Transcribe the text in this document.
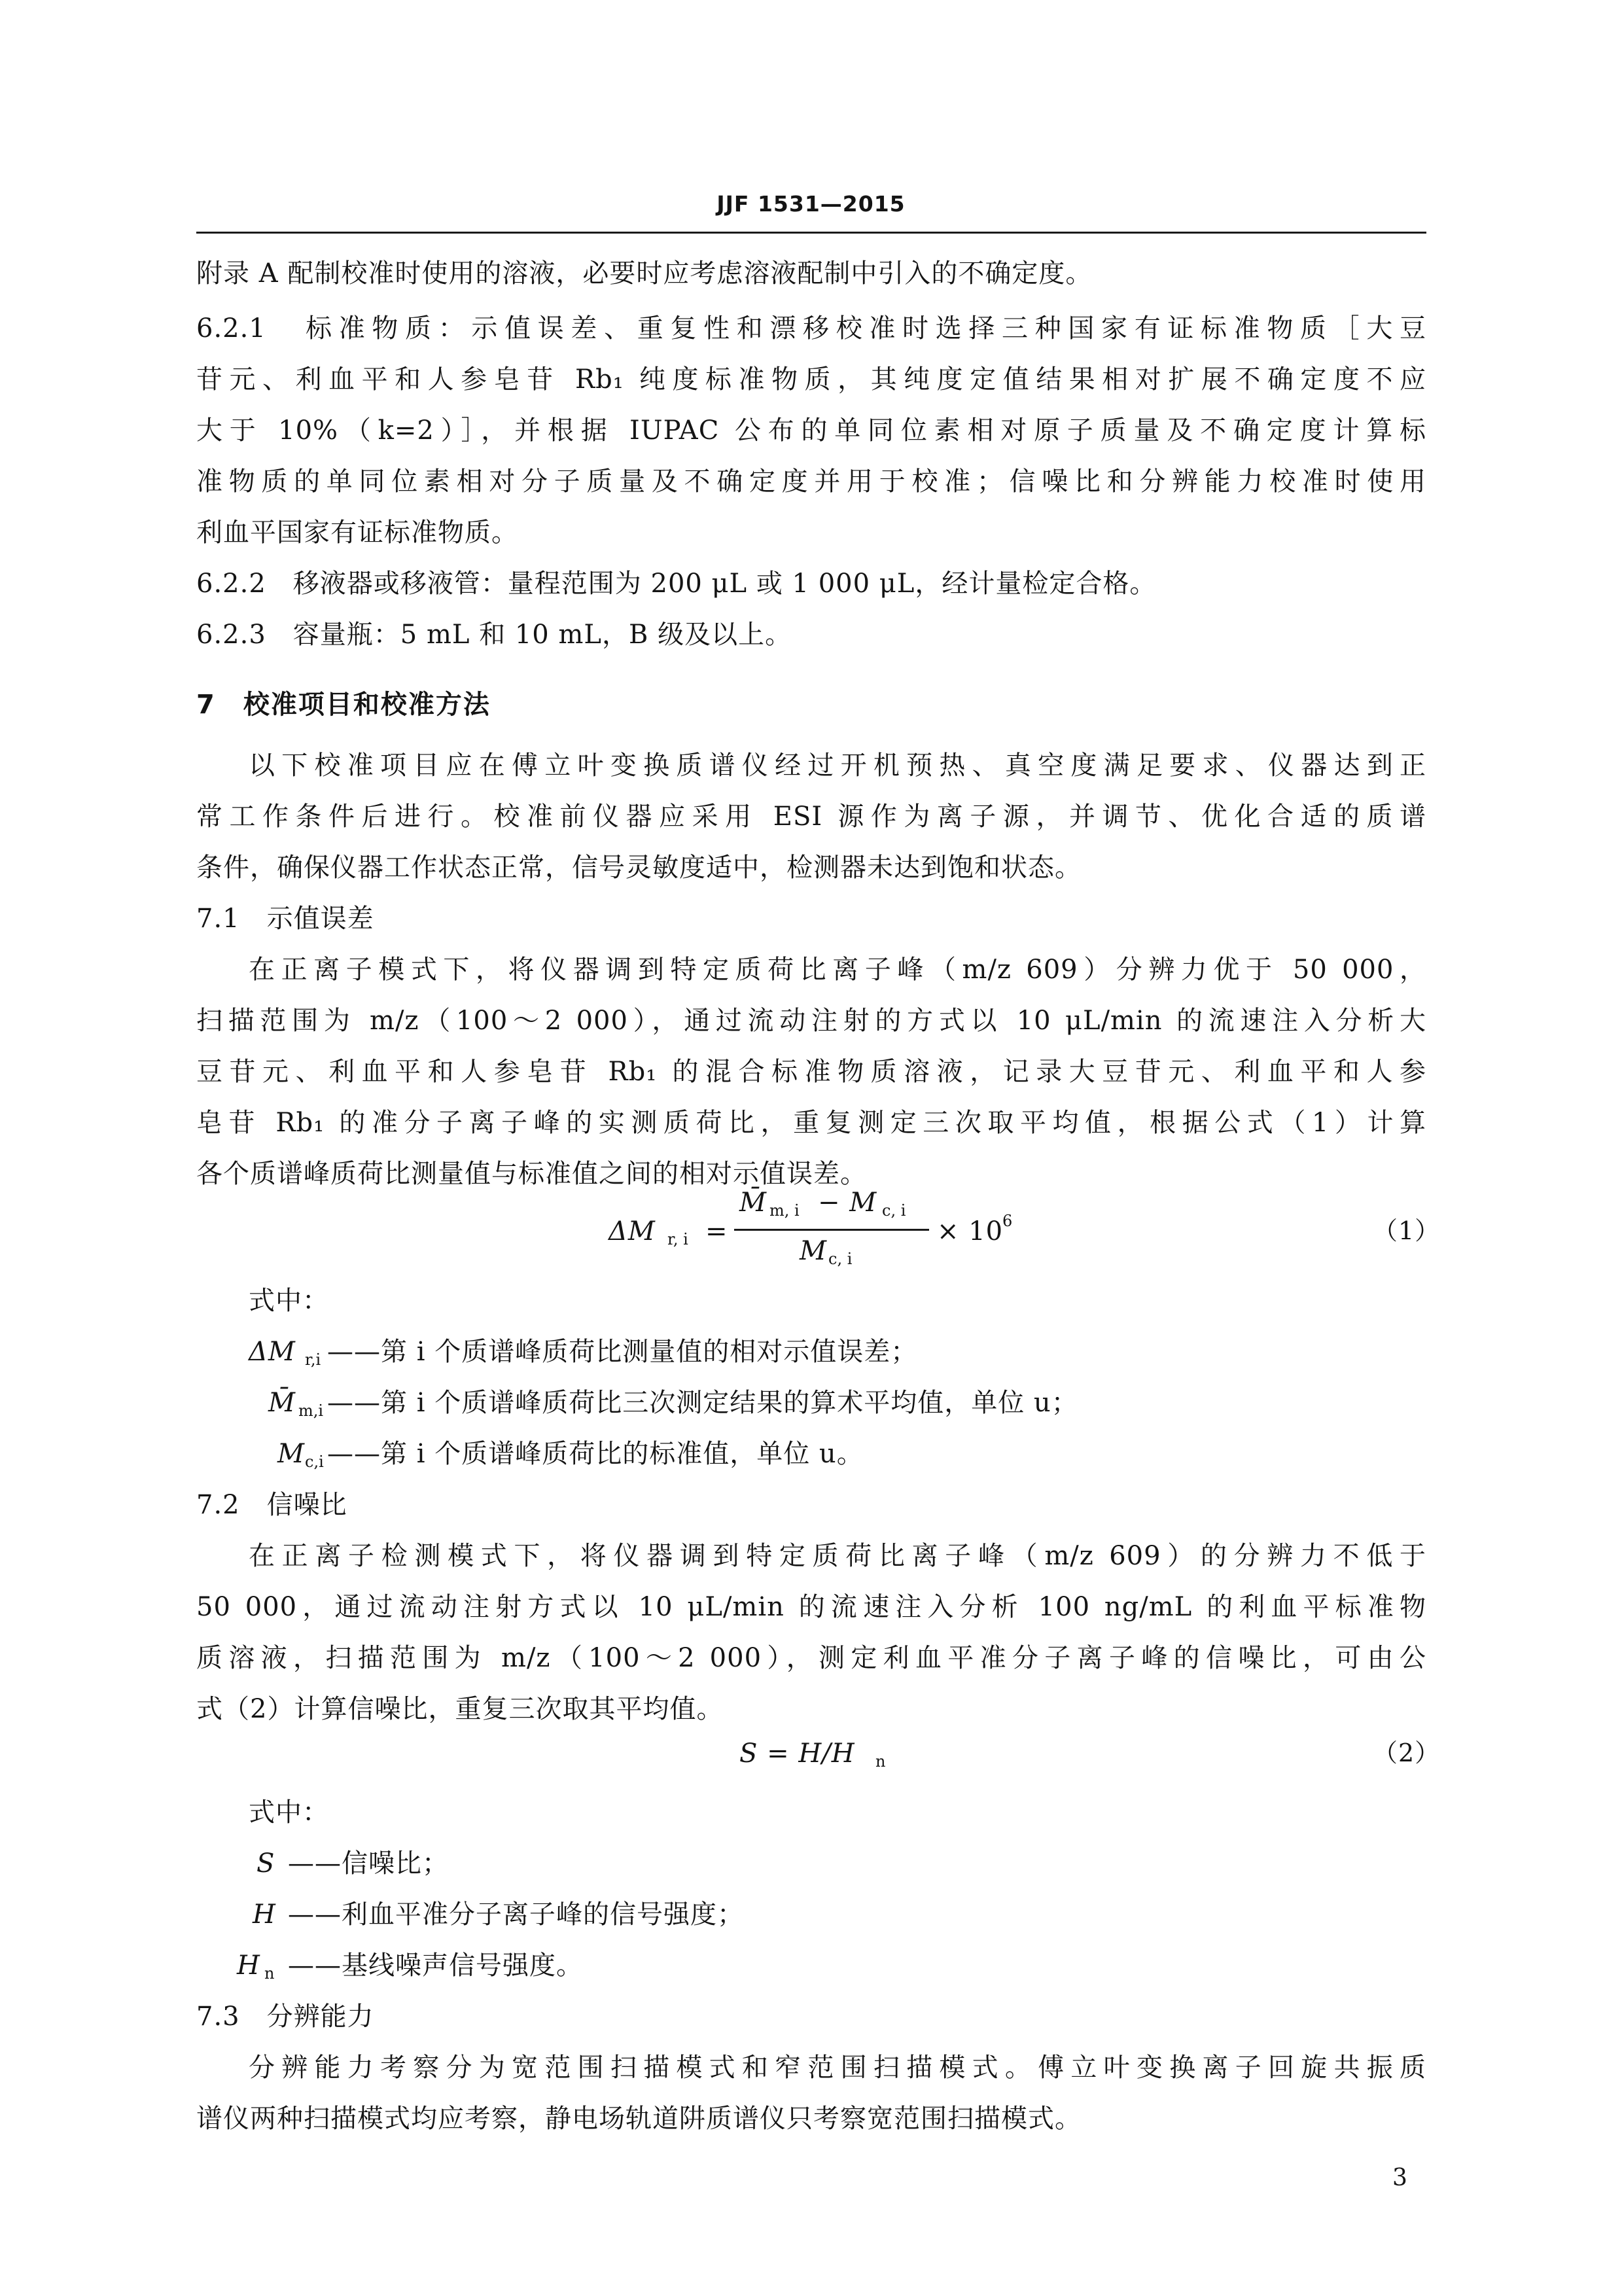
JJF 1531—2015
附录 A 配制校准时使用的溶液，必要时应考虑溶液配制中引入的不确定度。
6.2.1　标准物质：示值误差、重复性和漂移校准时选择三种国家有证标准物质［大豆
苷元、利血平和人参皂苷 Rb₁ 纯度标准物质，其纯度定值结果相对扩展不确定度不应
大于 10%（k=2）］，并根据 IUPAC 公布的单同位素相对原子质量及不确定度计算标
准物质的单同位素相对分子质量及不确定度并用于校准；信噪比和分辨能力校准时使用
利血平国家有证标准物质。
6.2.2　移液器或移液管：量程范围为 200 μL 或 1 000 μL，经计量检定合格。
6.2.3　容量瓶：5 mL 和 10 mL，B 级及以上。
7　校准项目和校准方法
以下校准项目应在傅立叶变换质谱仪经过开机预热、真空度满足要求、仪器达到正
常工作条件后进行。校准前仪器应采用 ESI 源作为离子源，并调节、优化合适的质谱
条件，确保仪器工作状态正常，信号灵敏度适中，检测器未达到饱和状态。
7.1　示值误差
在正离子模式下，将仪器调到特定质荷比离子峰（m/z 609）分辨力优于 50 000，
扫描范围为 m/z（100～2 000），通过流动注射的方式以 10 μL/min 的流速注入分析大
豆苷元、利血平和人参皂苷 Rb₁ 的混合标准物质溶液，记录大豆苷元、利血平和人参
皂苷 Rb₁ 的准分子离子峰的实测质荷比，重复测定三次取平均值，根据公式（1）计算
各个质谱峰质荷比测量值与标准值之间的相对示值误差。
ΔM r, i =
M̄ m, i − M c, i
M c, i
× 10
6	（1）
式中：
ΔM r,i ——第 i 个质谱峰质荷比测量值的相对示值误差；
M̄ m,i ——第 i 个质谱峰质荷比三次测定结果的算术平均值，单位 u；
M c,i ——第 i 个质谱峰质荷比的标准值，单位 u。
7.2　信噪比
在正离子检测模式下，将仪器调到特定质荷比离子峰（m/z 609）的分辨力不低于
50 000，通过流动注射方式以 10 μL/min 的流速注入分析 100 ng/mL 的利血平标准物
质溶液，扫描范围为 m/z（100～2 000），测定利血平准分子离子峰的信噪比，可由公
式（2）计算信噪比，重复三次取其平均值。
S = H/H n	（2）
式中：
S ——信噪比；
H ——利血平准分子离子峰的信号强度；
H n ——基线噪声信号强度。
7.3　分辨能力
分辨能力考察分为宽范围扫描模式和窄范围扫描模式。傅立叶变换离子回旋共振质
谱仪两种扫描模式均应考察，静电场轨道阱质谱仪只考察宽范围扫描模式。
3
